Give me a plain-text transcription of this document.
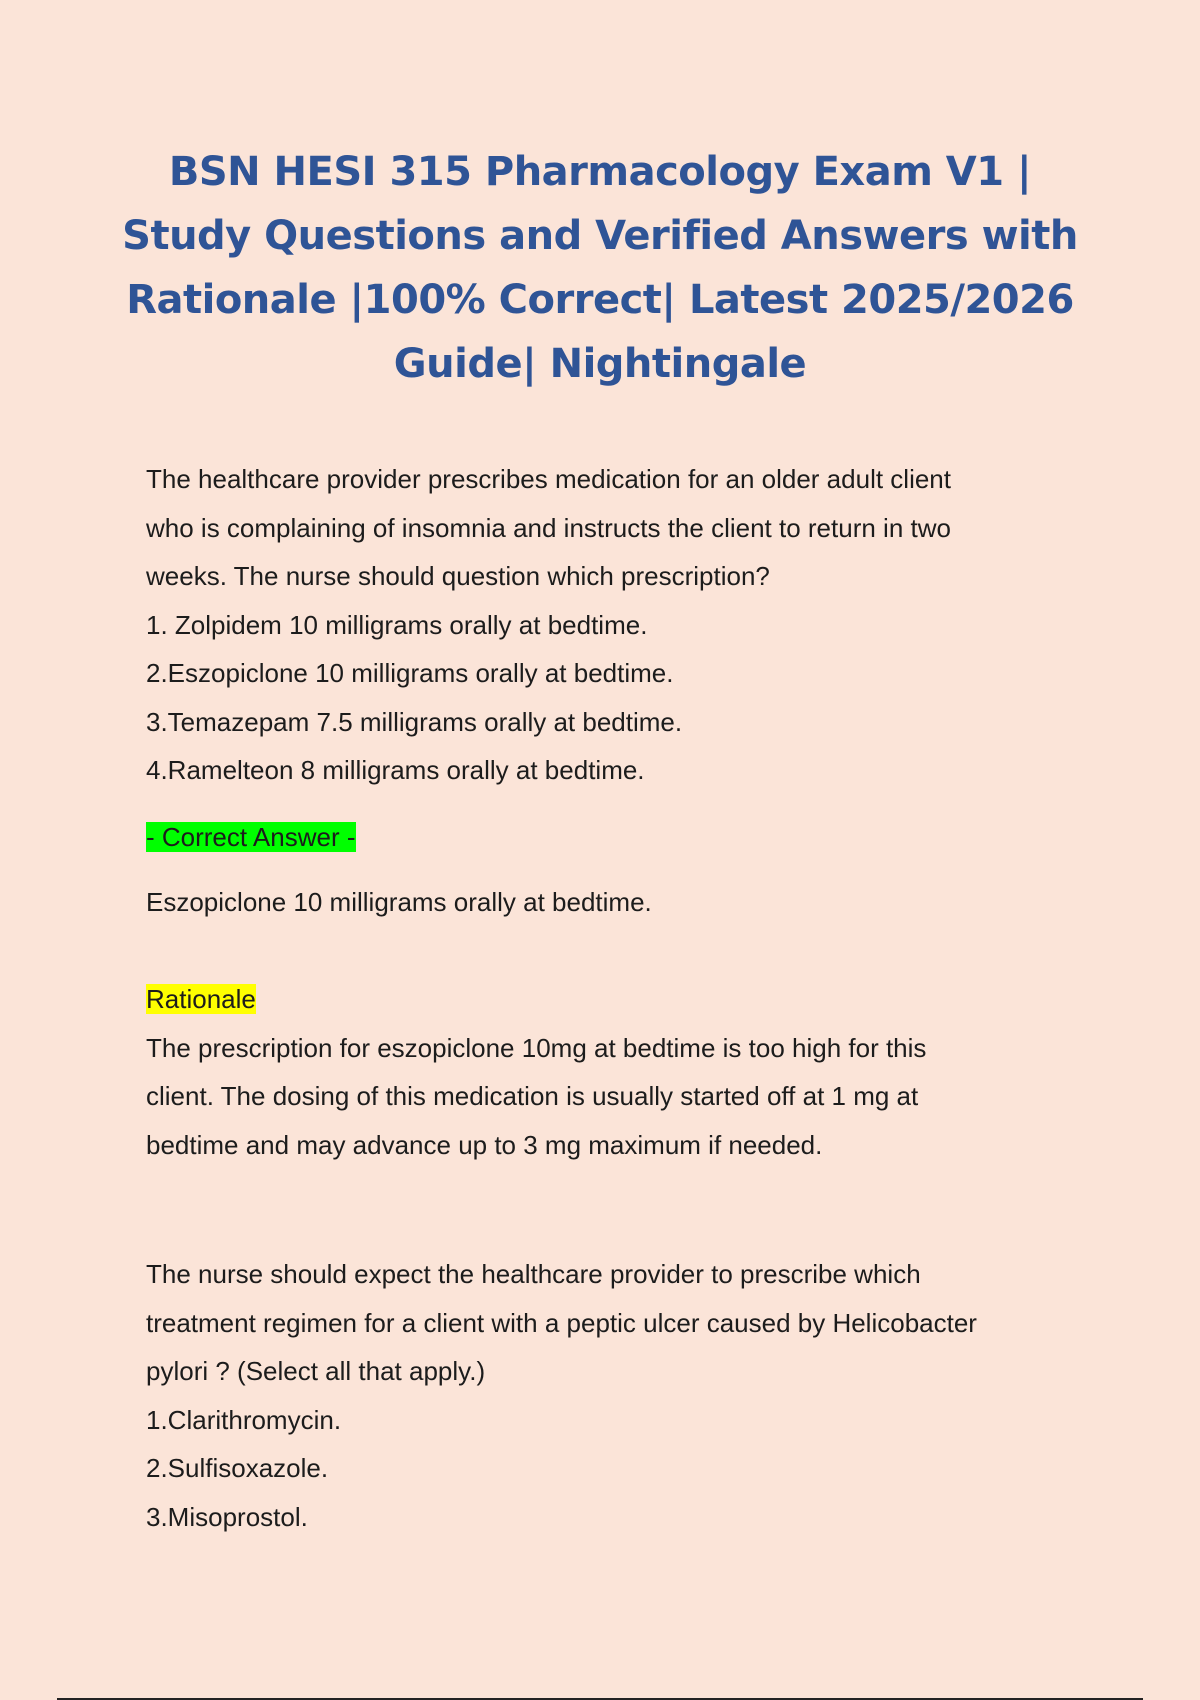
BSN HESI 315 Pharmacology Exam V1 | Study Questions and Verified Answers with Rationale |100% Correct| Latest 2025/2026 Guide| Nightingale

The healthcare provider prescribes medication for an older adult client

who is complaining of insomnia and instructs the client to return in two

weeks. The nurse should question which prescription?

1. Zolpidem 10 milligrams orally at bedtime.

2.Eszopiclone 10 milligrams orally at bedtime.

3.Temazepam 7.5 milligrams orally at bedtime.

4.Ramelteon 8 milligrams orally at bedtime.

- Correct Answer -

Eszopiclone 10 milligrams orally at bedtime.

Rationale

The prescription for eszopiclone 10mg at bedtime is too high for this

client. The dosing of this medication is usually started off at 1 mg at

bedtime and may advance up to 3 mg maximum if needed.

The nurse should expect the healthcare provider to prescribe which

treatment regimen for a client with a peptic ulcer caused by Helicobacter

pylori ? (Select all that apply.)

1.Clarithromycin.

2.Sulfisoxazole.

3.Misoprostol.
